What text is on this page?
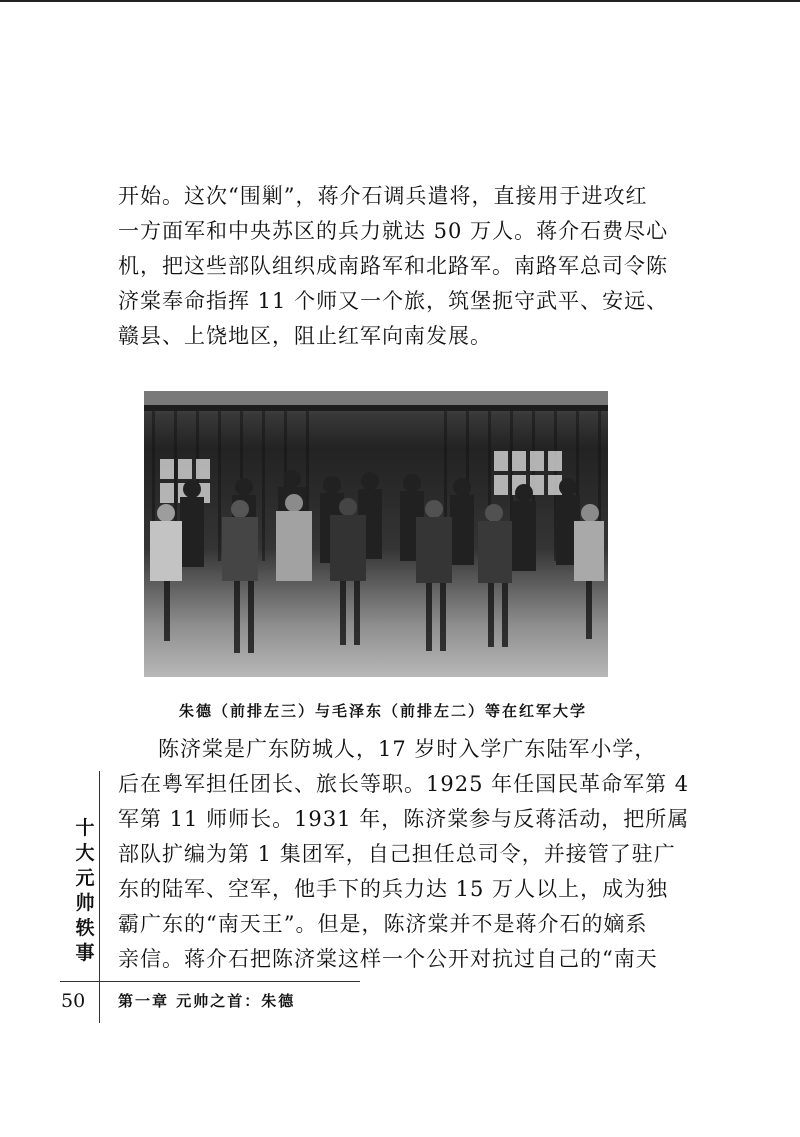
开始。这次“围剿”，蒋介石调兵遣将，直接用于进攻红
一方面军和中央苏区的兵力就达 50 万人。蒋介石费尽心
机，把这些部队组织成南路军和北路军。南路军总司令陈
济棠奉命指挥 11 个师又一个旅，筑堡扼守武平、安远、
赣县、上饶地区，阻止红军向南发展。
朱德（前排左三）与毛泽东（前排左二）等在红军大学
陈济棠是广东防城人，17 岁时入学广东陆军小学，
后在粤军担任团长、旅长等职。1925 年任国民革命军第 4
军第 11 师师长。1931 年，陈济棠参与反蒋活动，把所属
部队扩编为第 1 集团军，自己担任总司令，并接管了驻广
东的陆军、空军，他手下的兵力达 15 万人以上，成为独
霸广东的“南天王”。但是，陈济棠并不是蒋介石的嫡系
亲信。蒋介石把陈济棠这样一个公开对抗过自己的“南天
十
大
元
帅
轶
事
50 第一章 元帅之首：朱德
